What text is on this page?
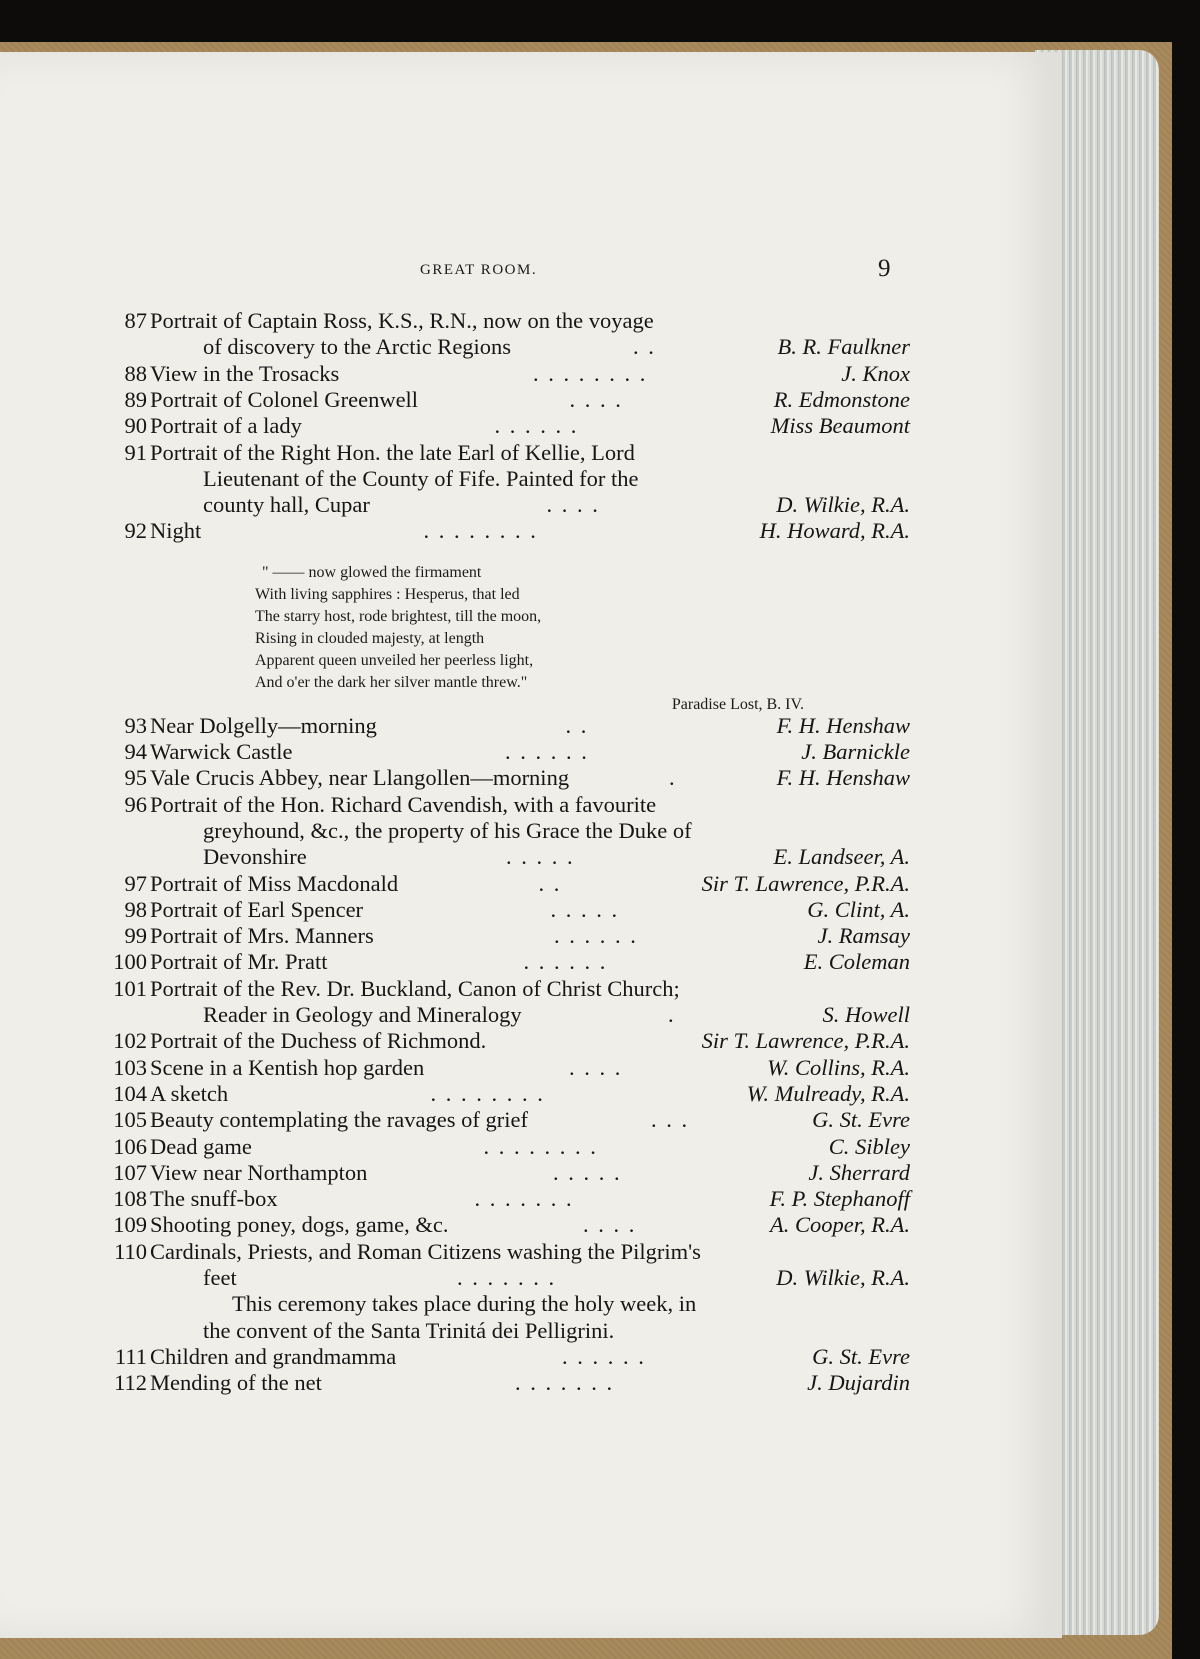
GREAT ROOM.	9
87 Portrait of Captain Ross, K.S., R.N., now on the voyage
of discovery to the Arctic Regions	. .	B. R. Faulkner
88 View in the Trosacks	. . . . . . . .	J. Knox
89 Portrait of Colonel Greenwell	. . . .	R. Edmonstone
90 Portrait of a lady	. . . . . .	Miss Beaumont
91 Portrait of the Right Hon. the late Earl of Kellie, Lord
Lieutenant of the County of Fife. Painted for the
county hall, Cupar	. . . .	D. Wilkie, R.A.
92 Night	. . . . . . . .	H. Howard, R.A.
93 Near Dolgelly—morning	. .	F. H. Henshaw
94 Warwick Castle	. . . . . .	J. Barnickle
95 Vale Crucis Abbey, near Llangollen—morning	.	F. H. Henshaw
96 Portrait of the Hon. Richard Cavendish, with a favourite
greyhound, &c., the property of his Grace the Duke of
Devonshire	. . . . .	E. Landseer, A.
97 Portrait of Miss Macdonald	. .	Sir T. Lawrence, P.R.A.
98 Portrait of Earl Spencer	. . . . .	G. Clint, A.
99 Portrait of Mrs. Manners	. . . . . .	J. Ramsay
100 Portrait of Mr. Pratt	. . . . . .	E. Coleman
101 Portrait of the Rev. Dr. Buckland, Canon of Christ Church;
Reader in Geology and Mineralogy	.	S. Howell
102 Portrait of the Duchess of Richmond.	Sir T. Lawrence, P.R.A.
103 Scene in a Kentish hop garden	. . . .	W. Collins, R.A.
104 A sketch	. . . . . . . .	W. Mulready, R.A.
105 Beauty contemplating the ravages of grief	. . .	G. St. Evre
106 Dead game	. . . . . . . .	C. Sibley
107 View near Northampton	. . . . .	J. Sherrard
108 The snuff-box	. . . . . . .	F. P. Stephanoff
109 Shooting poney, dogs, game, &c.	. . . .	A. Cooper, R.A.
110 Cardinals, Priests, and Roman Citizens washing the Pilgrim's
feet	. . . . . . .	D. Wilkie, R.A.
This ceremony takes place during the holy week, in
the convent of the Santa Trinitá dei Pelligrini.
111 Children and grandmamma	. . . . . .	G. St. Evre
112 Mending of the net	. . . . . . .	J. Dujardin
" —— now glowed the firmament
With living sapphires : Hesperus, that led
The starry host, rode brightest, till the moon,
Rising in clouded majesty, at length
Apparent queen unveiled her peerless light,
And o'er the dark her silver mantle threw."
Paradise Lost, B. IV.
